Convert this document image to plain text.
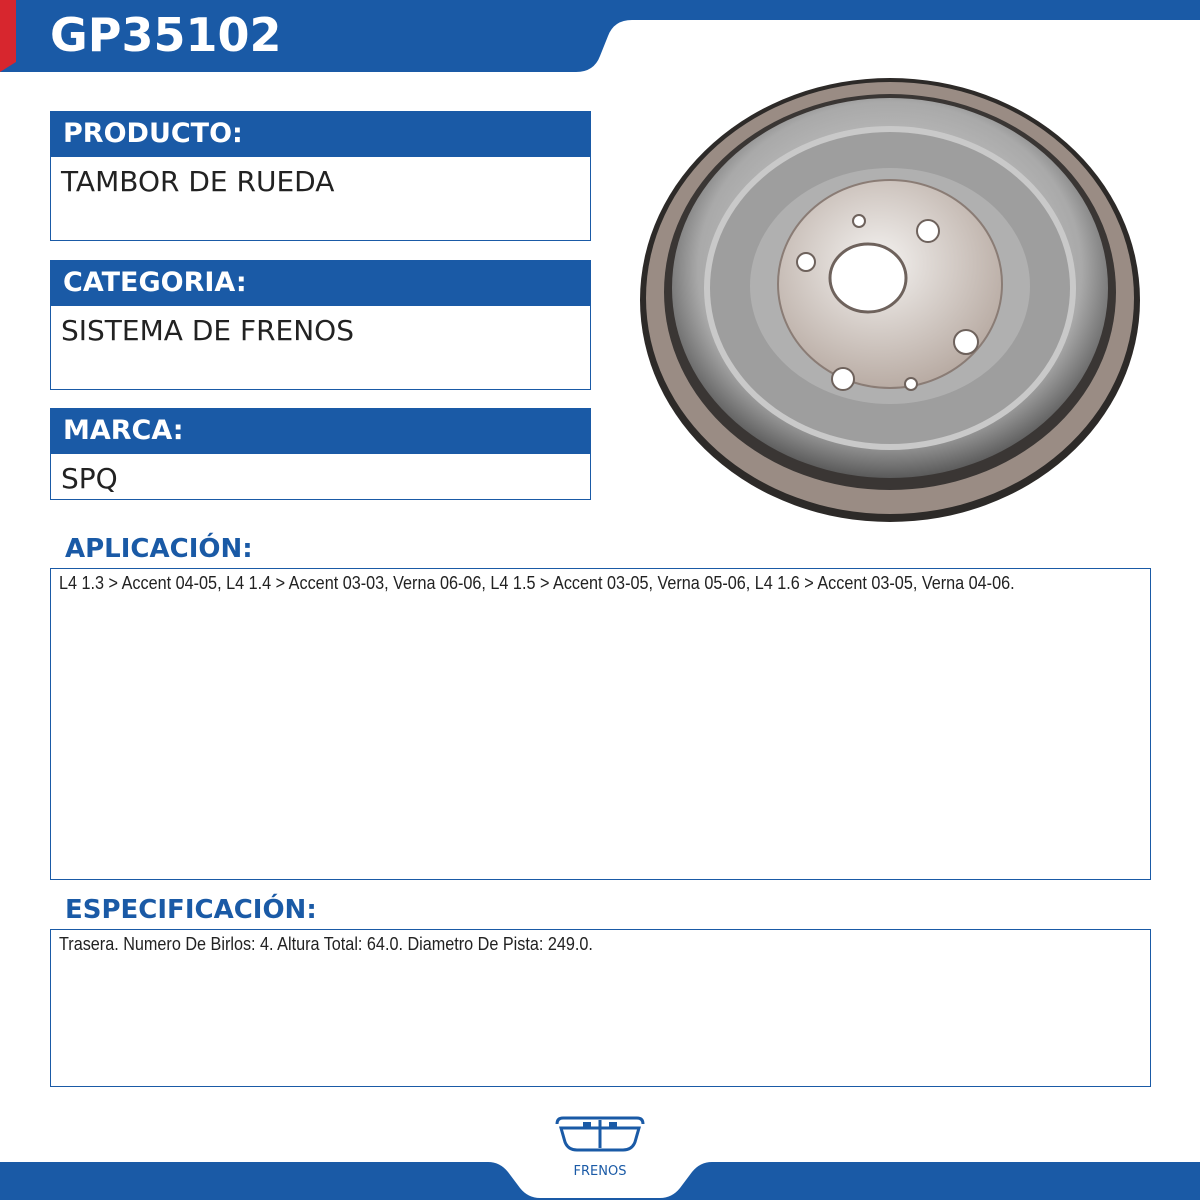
GP35102
PRODUCTO:
TAMBOR DE RUEDA
CATEGORIA:
SISTEMA DE FRENOS
MARCA:
SPQ
APLICACIÓN:
L4 1.3 > Accent 04-05, L4 1.4 > Accent 03-03, Verna 06-06, L4 1.5 > Accent 03-05, Verna 05-06, L4 1.6 > Accent 03-05, Verna 04-06.
ESPECIFICACIÓN:
Trasera. Numero De Birlos: 4. Altura Total: 64.0. Diametro De Pista: 249.0.
FRENOS
